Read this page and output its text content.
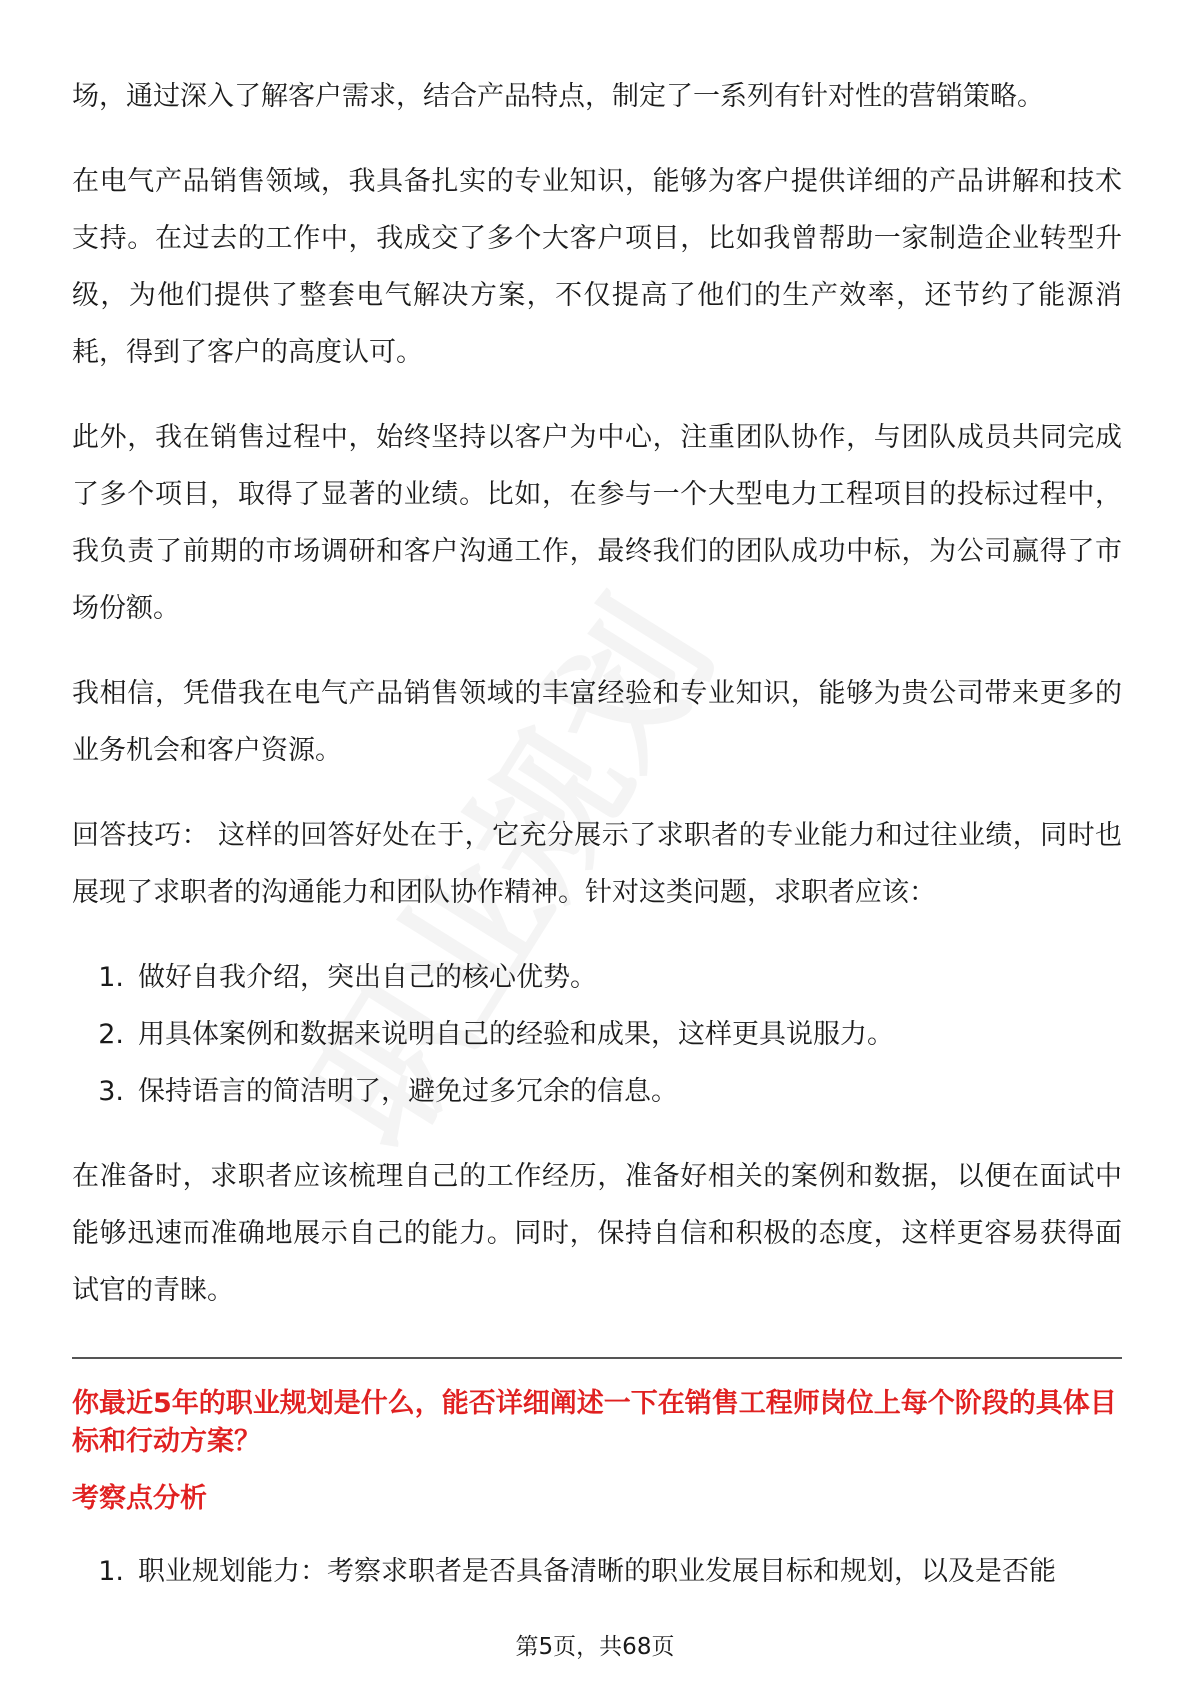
场，通过深入了解客户需求，结合产品特点，制定了一系列有针对性的营销策略。

在电气产品销售领域，我具备扎实的专业知识，能够为客户提供详细的产品讲解和技术支持。在过去的工作中，我成交了多个大客户项目，比如我曾帮助一家制造企业转型升级，为他们提供了整套电气解决方案，不仅提高了他们的生产效率，还节约了能源消耗，得到了客户的高度认可。

此外，我在销售过程中，始终坚持以客户为中心，注重团队协作，与团队成员共同完成了多个项目，取得了显著的业绩。比如，在参与一个大型电力工程项目的投标过程中，我负责了前期的市场调研和客户沟通工作，最终我们的团队成功中标，为公司赢得了市场份额。

我相信，凭借我在电气产品销售领域的丰富经验和专业知识，能够为贵公司带来更多的业务机会和客户资源。

回答技巧： 这样的回答好处在于，它充分展示了求职者的专业能力和过往业绩，同时也展现了求职者的沟通能力和团队协作精神。针对这类问题，求职者应该：

1. 做好自我介绍，突出自己的核心优势。
2. 用具体案例和数据来说明自己的经验和成果，这样更具说服力。
3. 保持语言的简洁明了，避免过多冗余的信息。

在准备时，求职者应该梳理自己的工作经历，准备好相关的案例和数据，以便在面试中能够迅速而准确地展示自己的能力。同时，保持自信和积极的态度，这样更容易获得面试官的青睐。

你最近5年的职业规划是什么，能否详细阐述一下在销售工程师岗位上每个阶段的具体目标和行动方案？
考察点分析
1. 职业规划能力：考察求职者是否具备清晰的职业发展目标和规划，以及是否能
第5页，共68页
